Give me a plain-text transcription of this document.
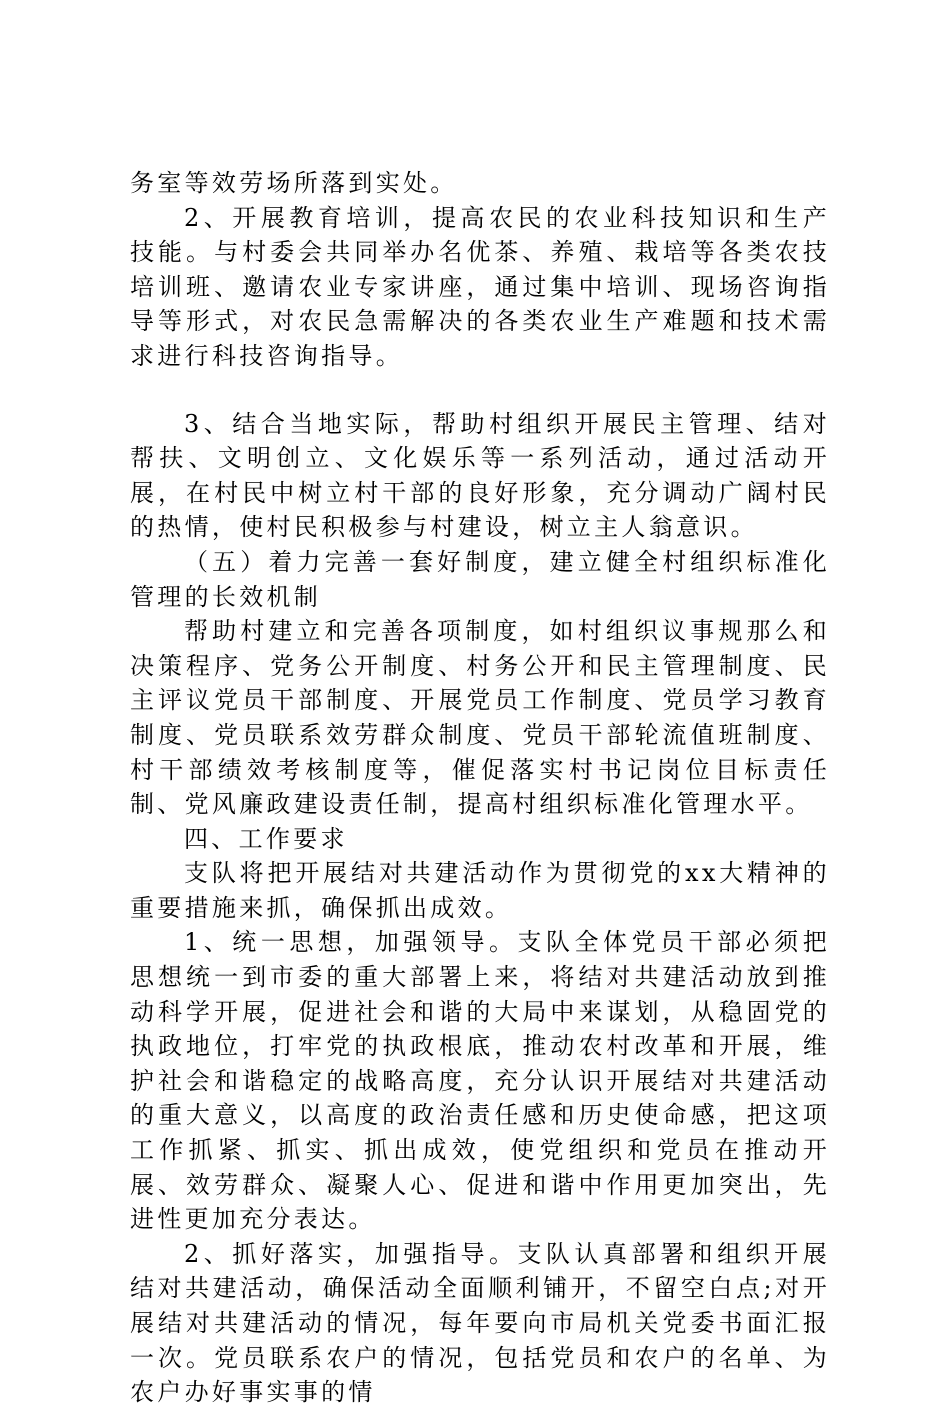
务室等效劳场所落到实处。

2、开展教育培训，提高农民的农业科技知识和生产技能。与村委会共同举办名优茶、养殖、栽培等各类农技培训班、邀请农业专家讲座，通过集中培训、现场咨询指导等形式，对农民急需解决的各类农业生产难题和技术需求进行科技咨询指导。

3、结合当地实际，帮助村组织开展民主管理、结对帮扶、文明创立、文化娱乐等一系列活动，通过活动开展，在村民中树立村干部的良好形象，充分调动广阔村民的热情，使村民积极参与村建设，树立主人翁意识。

（五）着力完善一套好制度，建立健全村组织标准化管理的长效机制

帮助村建立和完善各项制度，如村组织议事规那么和决策程序、党务公开制度、村务公开和民主管理制度、民主评议党员干部制度、开展党员工作制度、党员学习教育制度、党员联系效劳群众制度、党员干部轮流值班制度、村干部绩效考核制度等，催促落实村书记岗位目标责任制、党风廉政建设责任制，提高村组织标准化管理水平。

四、工作要求

支队将把开展结对共建活动作为贯彻党的xx大精神的重要措施来抓，确保抓出成效。

1、统一思想，加强领导。支队全体党员干部必须把思想统一到市委的重大部署上来，将结对共建活动放到推动科学开展，促进社会和谐的大局中来谋划，从稳固党的执政地位，打牢党的执政根底，推动农村改革和开展，维护社会和谐稳定的战略高度，充分认识开展结对共建活动的重大意义，以高度的政治责任感和历史使命感，把这项工作抓紧、抓实、抓出成效，使党组织和党员在推动开展、效劳群众、凝聚人心、促进和谐中作用更加突出，先进性更加充分表达。

2、抓好落实，加强指导。支队认真部署和组织开展结对共建活动，确保活动全面顺利铺开，不留空白点;对开展结对共建活动的情况，每年要向市局机关党委书面汇报一次。党员联系农户的情况，包括党员和农户的名单、为农户办好事实事的情
